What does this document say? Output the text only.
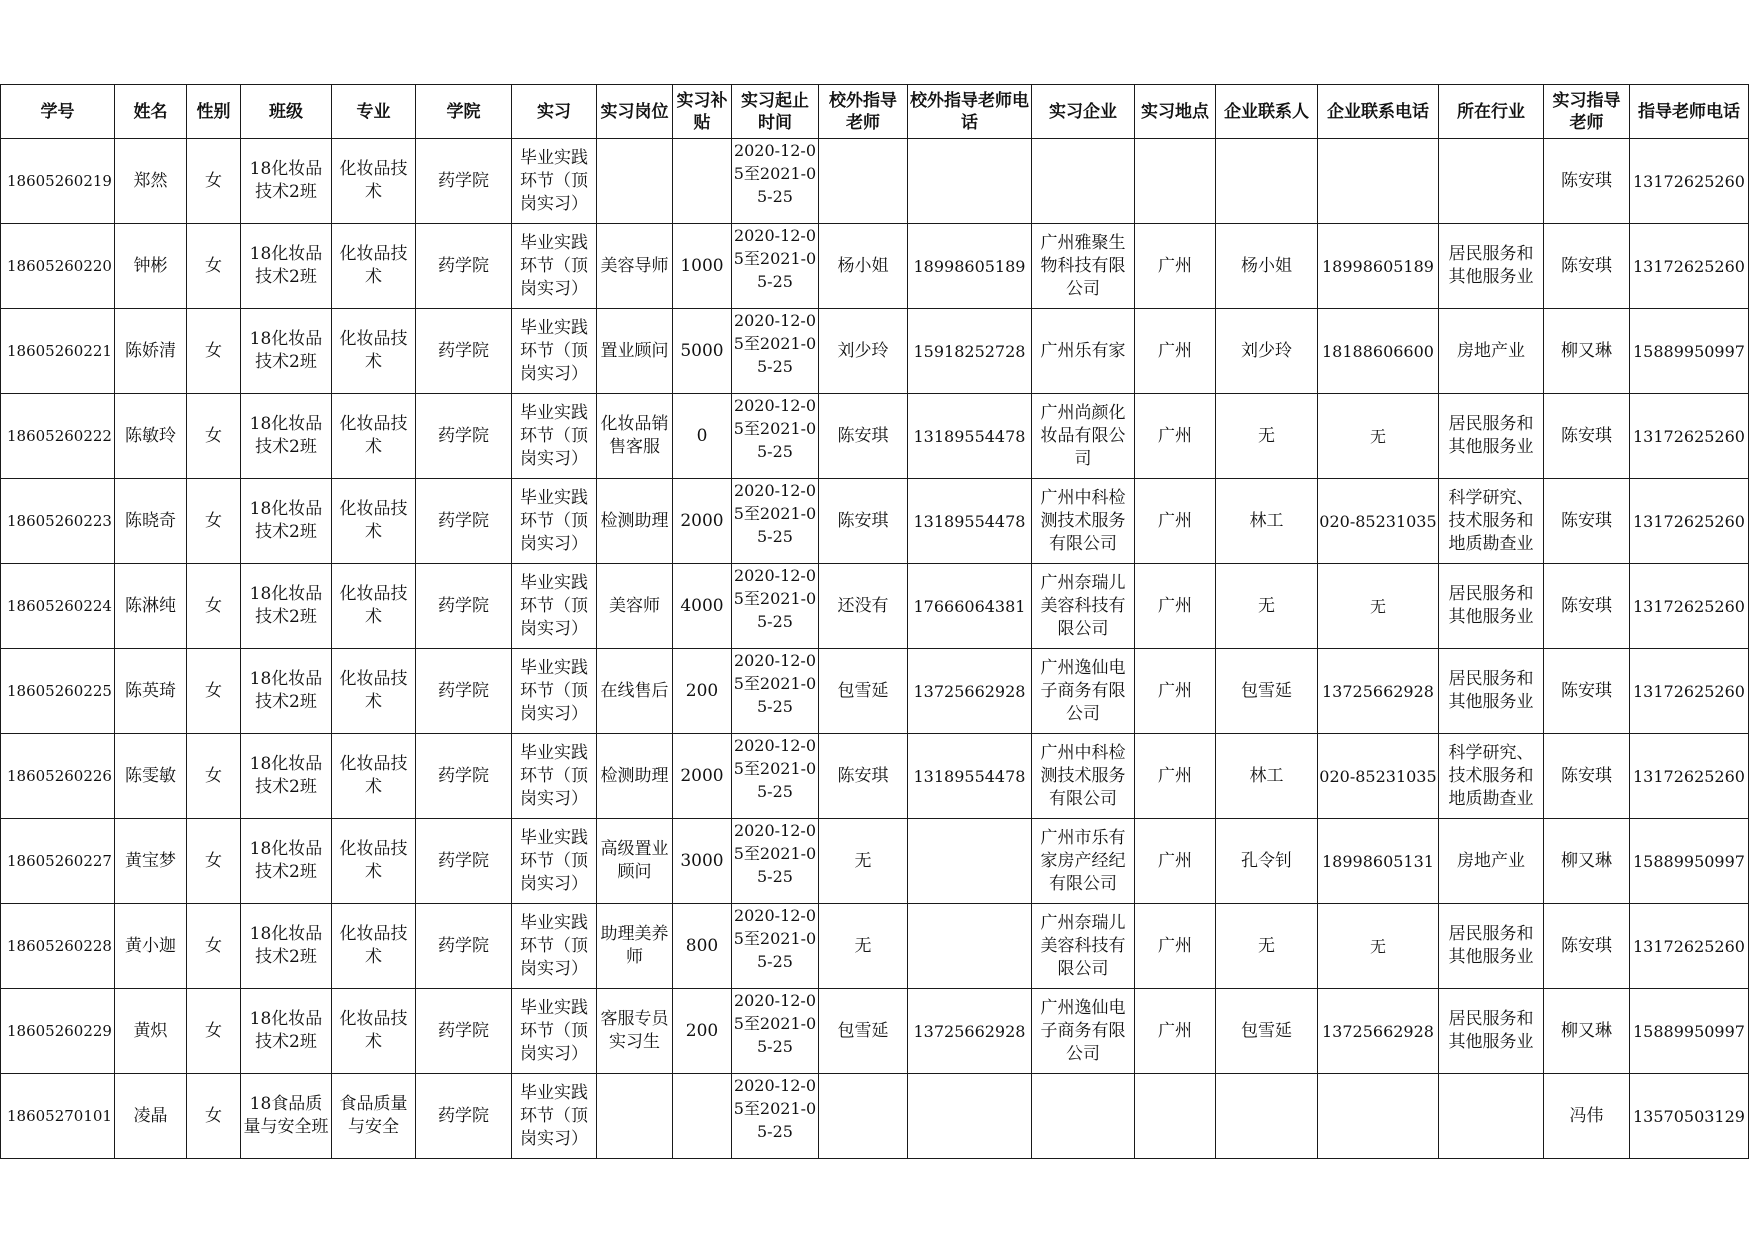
学号	姓名	性别	班级	专业	学院	实习	实习岗位	实习补贴	实习起止时间	校外指导老师	校外指导老师电话	实习企业	实习地点	企业联系人	企业联系电话	所在行业	实习指导老师	指导老师电话
18605260219	郑然	女	18化妆品技术2班	化妆品技术	药学院	毕业实践环节（顶岗实习）			2020-12-05至2021-05-25								陈安琪	13172625260
18605260220	钟彬	女	18化妆品技术2班	化妆品技术	药学院	毕业实践环节（顶岗实习）	美容导师	1000	2020-12-05至2021-05-25	杨小姐	18998605189	广州雅聚生物科技有限公司	广州	杨小姐	18998605189	居民服务和其他服务业	陈安琪	13172625260
18605260221	陈娇清	女	18化妆品技术2班	化妆品技术	药学院	毕业实践环节（顶岗实习）	置业顾问	5000	2020-12-05至2021-05-25	刘少玲	15918252728	广州乐有家	广州	刘少玲	18188606600	房地产业	柳又琳	15889950997
18605260222	陈敏玲	女	18化妆品技术2班	化妆品技术	药学院	毕业实践环节（顶岗实习）	化妆品销售客服	0	2020-12-05至2021-05-25	陈安琪	13189554478	广州尚颜化妆品有限公司	广州	无	无	居民服务和其他服务业	陈安琪	13172625260
18605260223	陈晓奇	女	18化妆品技术2班	化妆品技术	药学院	毕业实践环节（顶岗实习）	检测助理	2000	2020-12-05至2021-05-25	陈安琪	13189554478	广州中科检测技术服务有限公司	广州	林工	020-85231035	科学研究、技术服务和地质勘查业	陈安琪	13172625260
18605260224	陈淋纯	女	18化妆品技术2班	化妆品技术	药学院	毕业实践环节（顶岗实习）	美容师	4000	2020-12-05至2021-05-25	还没有	17666064381	广州奈瑞儿美容科技有限公司	广州	无	无	居民服务和其他服务业	陈安琪	13172625260
18605260225	陈英琦	女	18化妆品技术2班	化妆品技术	药学院	毕业实践环节（顶岗实习）	在线售后	200	2020-12-05至2021-05-25	包雪延	13725662928	广州逸仙电子商务有限公司	广州	包雪延	13725662928	居民服务和其他服务业	陈安琪	13172625260
18605260226	陈雯敏	女	18化妆品技术2班	化妆品技术	药学院	毕业实践环节（顶岗实习）	检测助理	2000	2020-12-05至2021-05-25	陈安琪	13189554478	广州中科检测技术服务有限公司	广州	林工	020-85231035	科学研究、技术服务和地质勘查业	陈安琪	13172625260
18605260227	黄宝梦	女	18化妆品技术2班	化妆品技术	药学院	毕业实践环节（顶岗实习）	高级置业顾问	3000	2020-12-05至2021-05-25	无		广州市乐有家房产经纪有限公司	广州	孔令钊	18998605131	房地产业	柳又琳	15889950997
18605260228	黄小迦	女	18化妆品技术2班	化妆品技术	药学院	毕业实践环节（顶岗实习）	助理美养师	800	2020-12-05至2021-05-25	无		广州奈瑞儿美容科技有限公司	广州	无	无	居民服务和其他服务业	陈安琪	13172625260
18605260229	黄炽	女	18化妆品技术2班	化妆品技术	药学院	毕业实践环节（顶岗实习）	客服专员实习生	200	2020-12-05至2021-05-25	包雪延	13725662928	广州逸仙电子商务有限公司	广州	包雪延	13725662928	居民服务和其他服务业	柳又琳	15889950997
18605270101	凌晶	女	18食品质量与安全班	食品质量与安全	药学院	毕业实践环节（顶岗实习）			2020-12-05至2021-05-25								冯伟	13570503129
